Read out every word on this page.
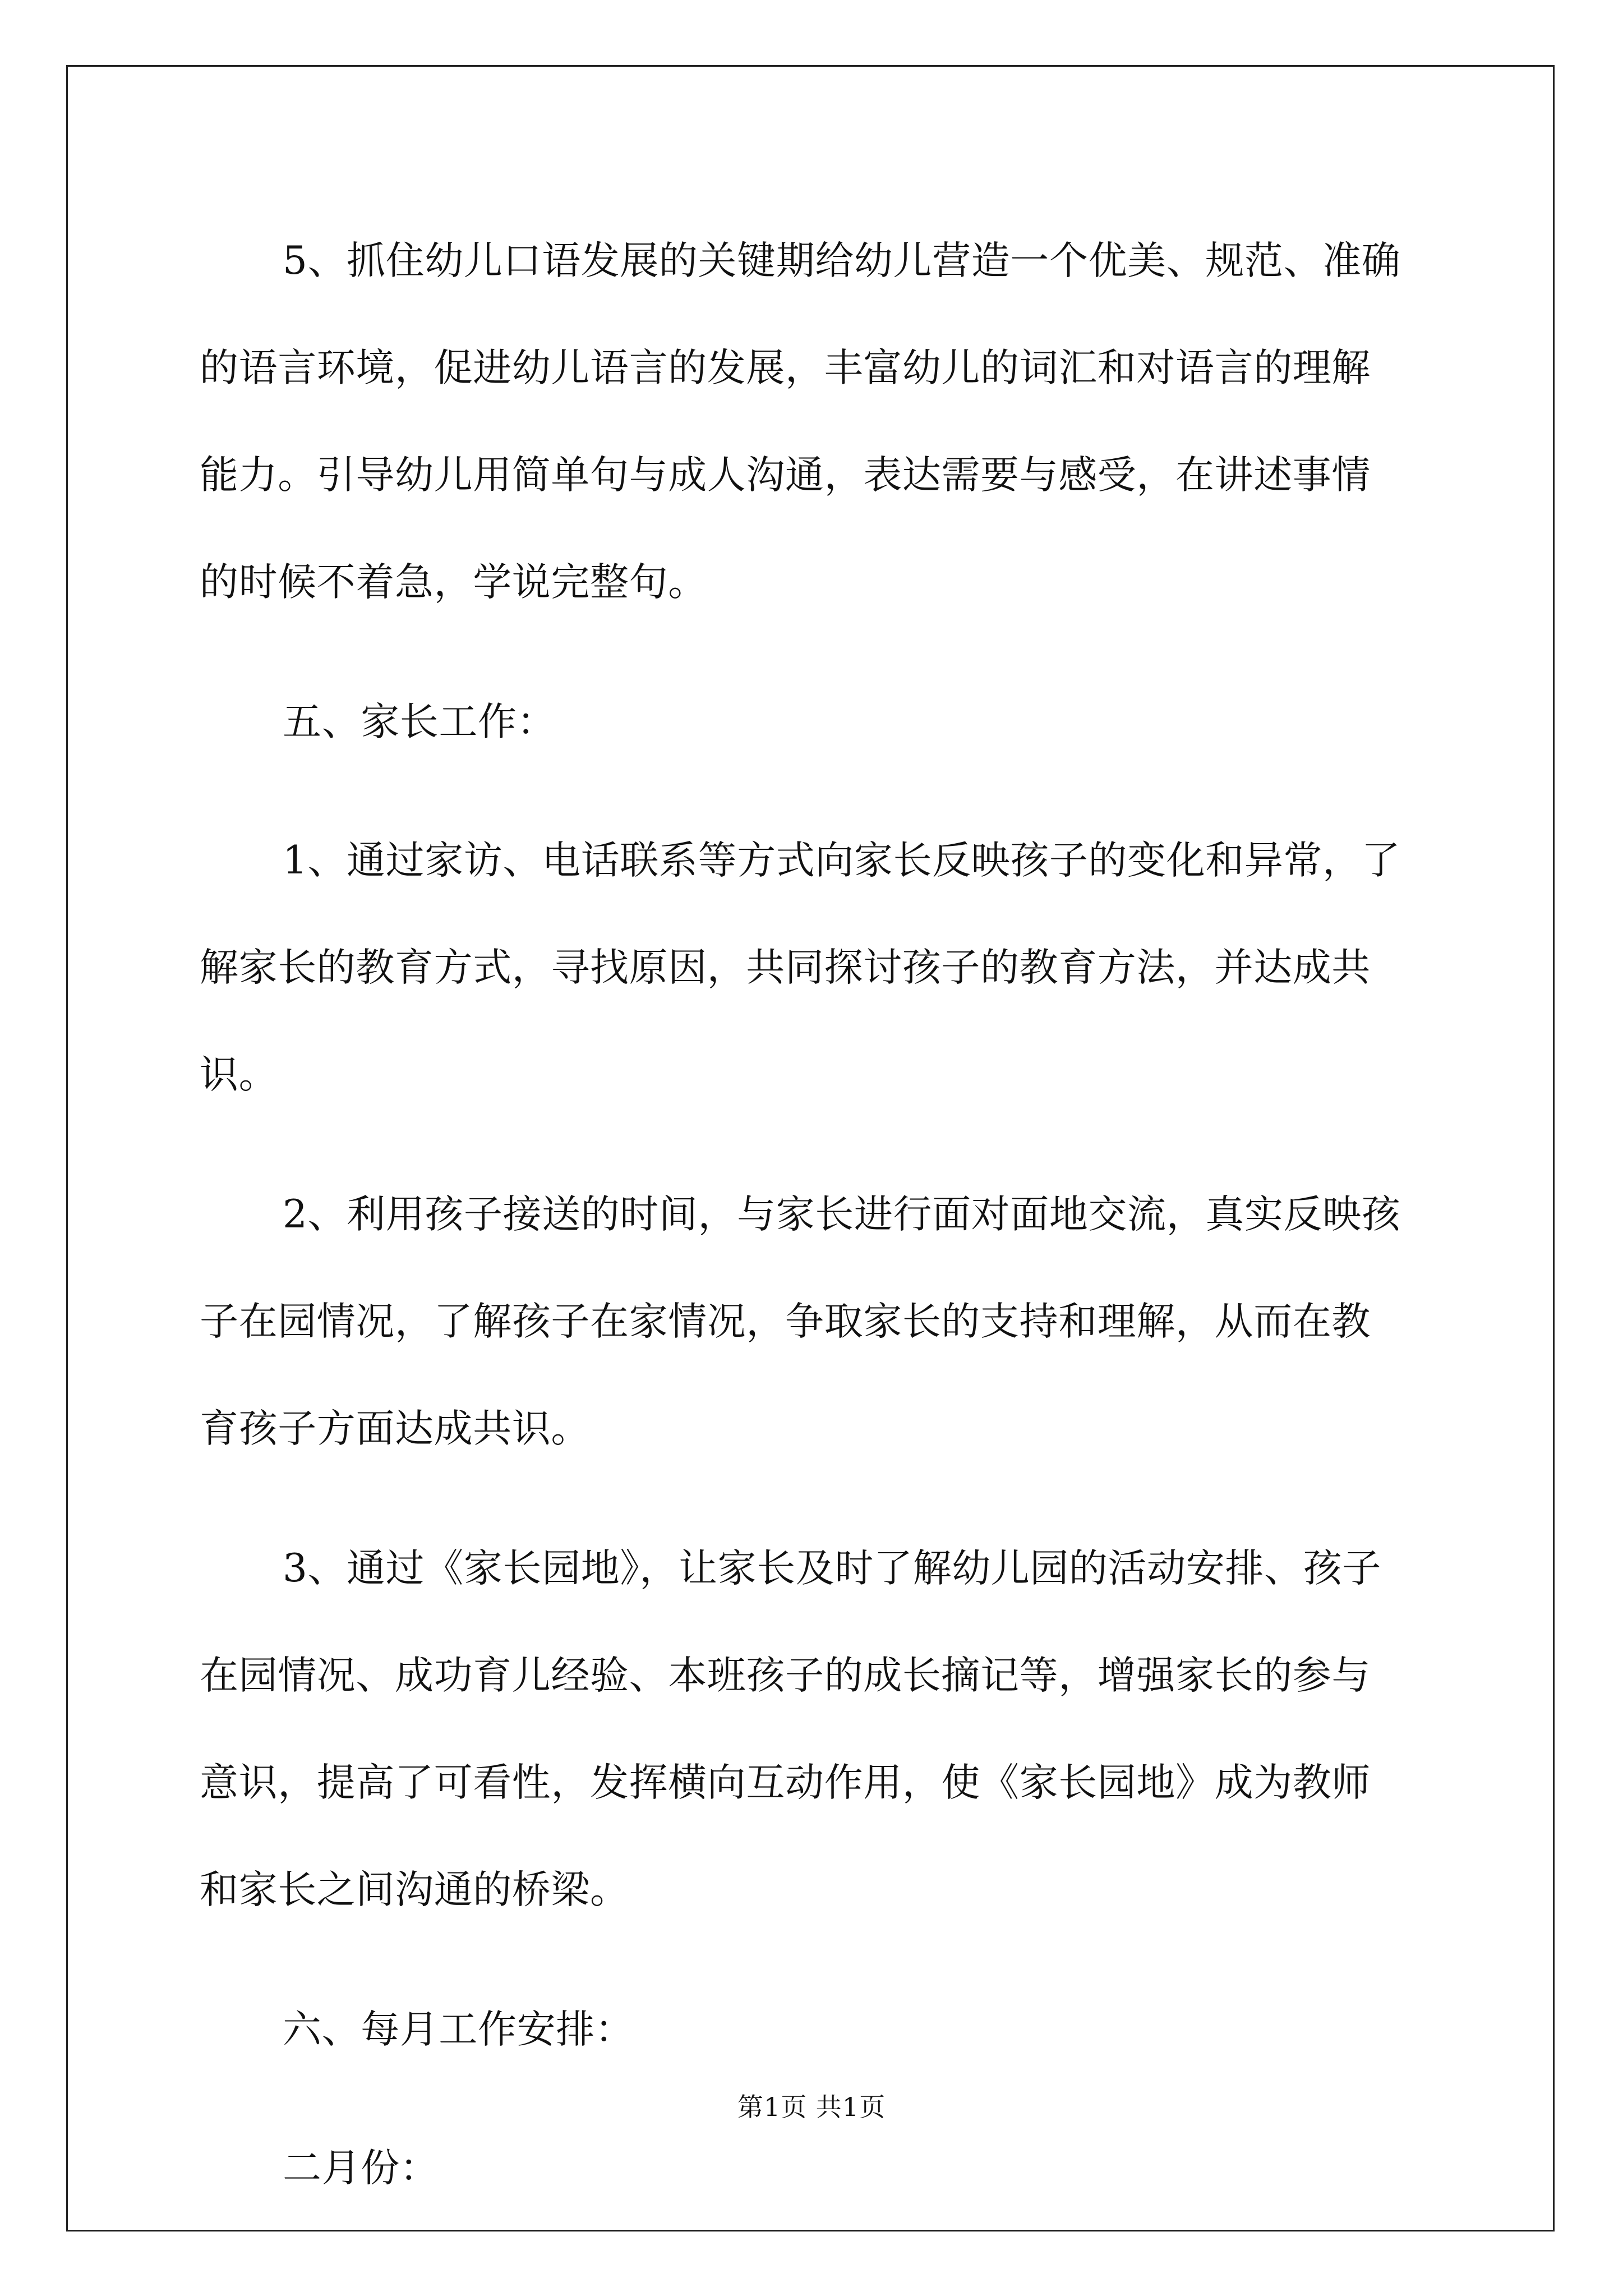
5、抓住幼儿口语发展的关键期给幼儿营造一个优美、规范、准确
的语言环境，促进幼儿语言的发展，丰富幼儿的词汇和对语言的理解
能力。引导幼儿用简单句与成人沟通，表达需要与感受，在讲述事情
的时候不着急，学说完整句。
五、家长工作：
1、通过家访、电话联系等方式向家长反映孩子的变化和异常，了
解家长的教育方式，寻找原因，共同探讨孩子的教育方法，并达成共
识。
2、利用孩子接送的时间，与家长进行面对面地交流，真实反映孩
子在园情况，了解孩子在家情况，争取家长的支持和理解，从而在教
育孩子方面达成共识。
3、通过《家长园地》，让家长及时了解幼儿园的活动安排、孩子
在园情况、成功育儿经验、本班孩子的成长摘记等，增强家长的参与
意识，提高了可看性，发挥横向互动作用，使《家长园地》成为教师
和家长之间沟通的桥梁。
六、每月工作安排：
二月份：
第1页 共1页
